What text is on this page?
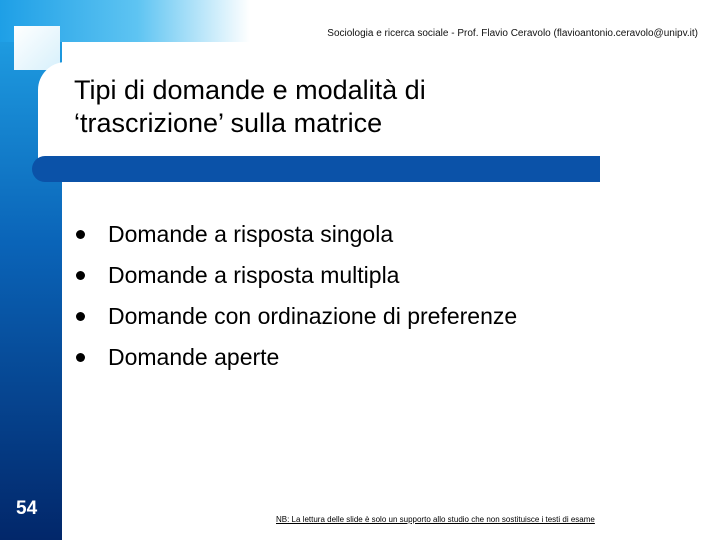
Sociologia e ricerca sociale - Prof. Flavio Ceravolo (flavioantonio.ceravolo@unipv.it)
Tipi di domande e modalità di
‘trascrizione’ sulla matrice
Domande a risposta singola
Domande a risposta multipla
Domande con ordinazione di preferenze
Domande aperte
54
NB: La lettura delle slide è solo un supporto allo studio che non sostituisce i testi di esame
